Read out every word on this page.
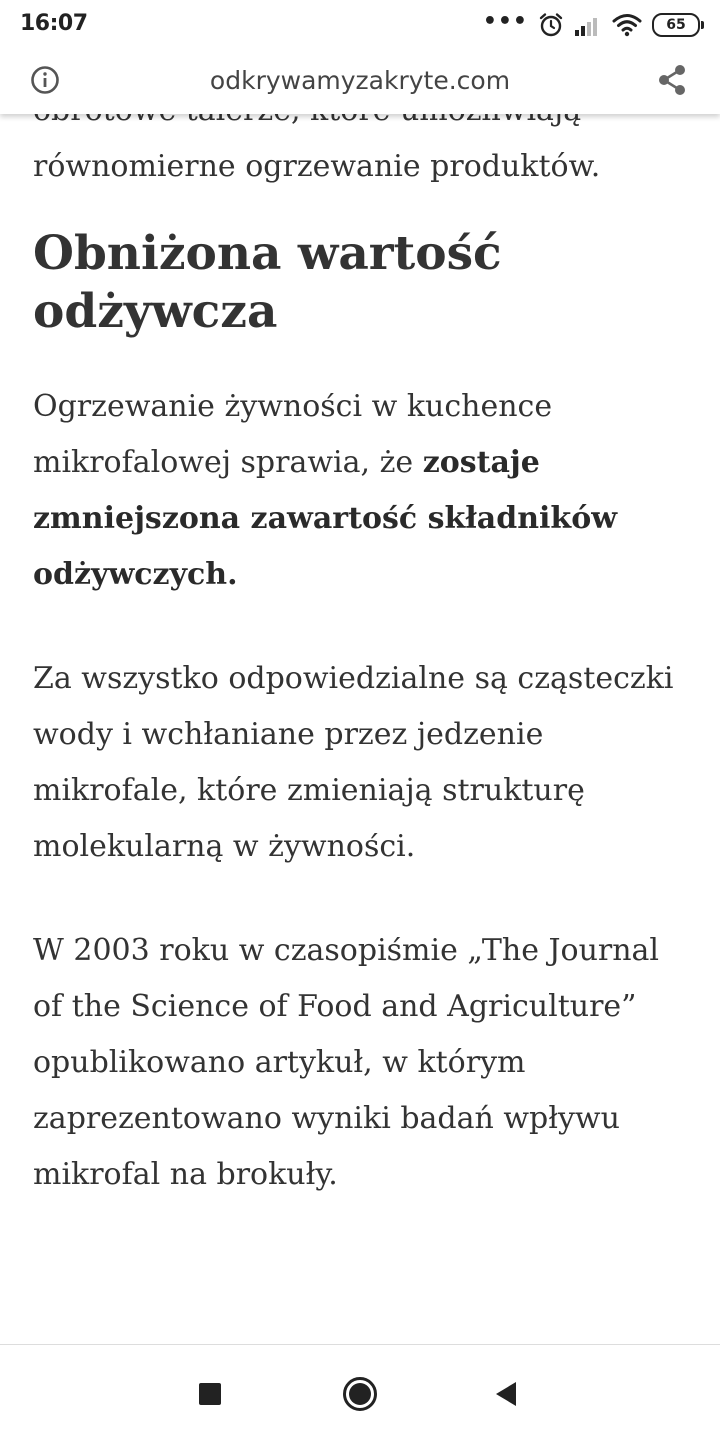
równomierne ogrzewanie produktów.

Obniżona wartość odżywcza

Ogrzewanie żywności w kuchence mikrofalowej sprawia, że zostaje zmniejszona zawartość składników odżywczych.

Za wszystko odpowiedzialne są cząsteczki wody i wchłaniane przez jedzenie mikrofale, które zmieniają strukturę molekularną w żywności.

W 2003 roku w czasopiśmie „The Journal of the Science of Food and Agriculture” opublikowano artykuł, w którym zaprezentowano wyniki badań wpływu mikrofal na brokuły.

16:07	•••	65
odkrywamyzakryte.com
